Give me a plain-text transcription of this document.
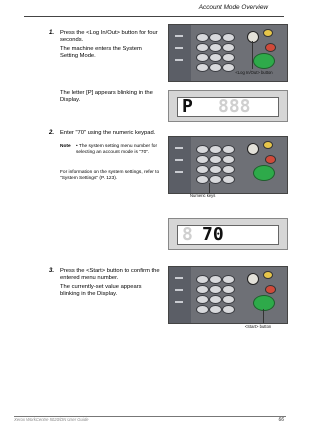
Account Mode Overview
1. Press the <Log In/Out> button for four seconds.
The machine enters the System Setting Mode.
The letter [P] appears blinking in the Display.
<Log In/Out> button
P 888
2. Enter "70" using the numeric keypad.
Note • The system setting menu number for selecting an account mode is "70".
For information on the system settings, refer to "System Settings" (P. 123).
Numeric keys
8 70
3. Press the <Start> button to confirm the entered menu number.
The currently-set value appears blinking in the Display.
<Start> button
Xerox WorkCentre 5020/DN User Guide	66
